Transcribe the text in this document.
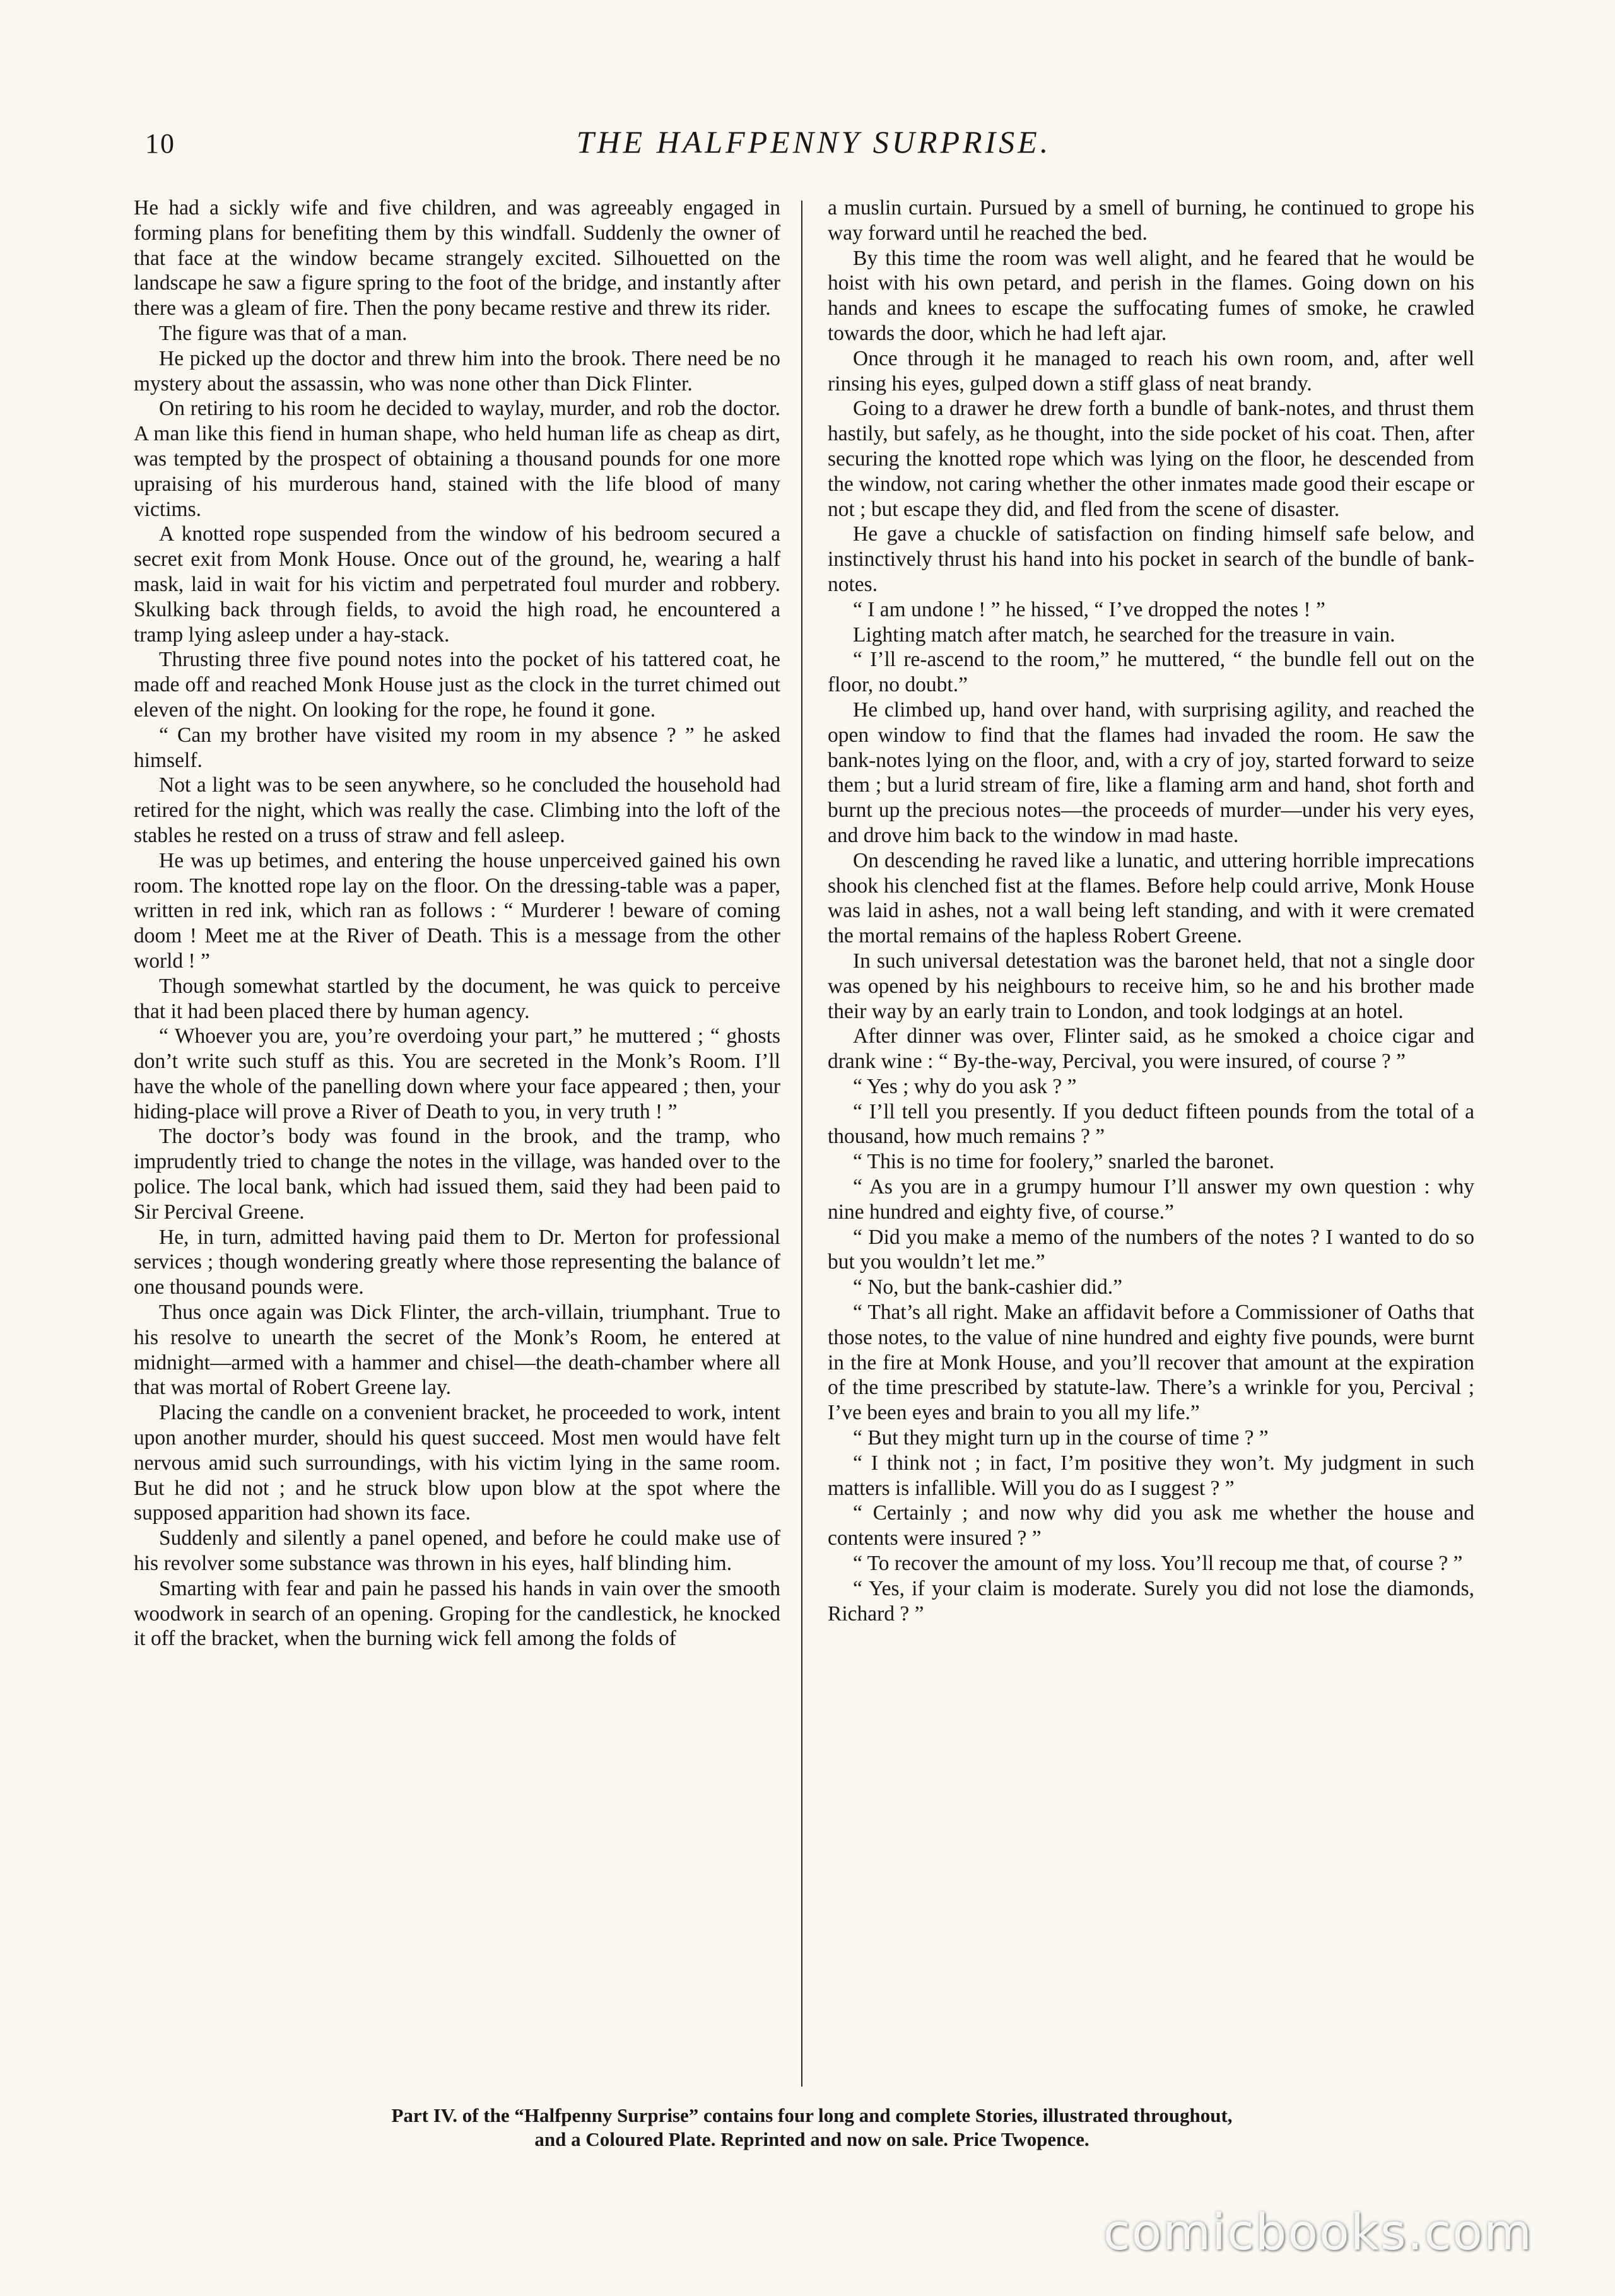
10	THE HALFPENNY SURPRISE.

He had a sickly wife and five children, and was agreeably engaged in forming plans for benefiting them by this windfall. Suddenly the owner of that face at the window became strangely excited. Silhouetted on the landscape he saw a figure spring to the foot of the bridge, and instantly after there was a gleam of fire. Then the pony became restive and threw its rider.

The figure was that of a man.

He picked up the doctor and threw him into the brook. There need be no mystery about the assassin, who was none other than Dick Flinter.

On retiring to his room he decided to waylay, murder, and rob the doctor. A man like this fiend in human shape, who held human life as cheap as dirt, was tempted by the prospect of obtaining a thousand pounds for one more upraising of his murderous hand, stained with the life blood of many victims.

A knotted rope suspended from the window of his bedroom secured a secret exit from Monk House. Once out of the ground, he, wearing a half mask, laid in wait for his victim and perpetrated foul murder and robbery. Skulking back through fields, to avoid the high road, he encountered a tramp lying asleep under a hay-stack.

Thrusting three five pound notes into the pocket of his tattered coat, he made off and reached Monk House just as the clock in the turret chimed out eleven of the night. On looking for the rope, he found it gone.

“ Can my brother have visited my room in my absence ? ” he asked himself.

Not a light was to be seen anywhere, so he concluded the household had retired for the night, which was really the case. Climbing into the loft of the stables he rested on a truss of straw and fell asleep.

He was up betimes, and entering the house unperceived gained his own room. The knotted rope lay on the floor. On the dressing-table was a paper, written in red ink, which ran as follows : “ Murderer ! beware of coming doom ! Meet me at the River of Death. This is a message from the other world ! ”

Though somewhat startled by the document, he was quick to perceive that it had been placed there by human agency.

“ Whoever you are, you’re overdoing your part,” he muttered ; “ ghosts don’t write such stuff as this. You are secreted in the Monk’s Room. I’ll have the whole of the panelling down where your face appeared ; then, your hiding-place will prove a River of Death to you, in very truth ! ”

The doctor’s body was found in the brook, and the tramp, who imprudently tried to change the notes in the village, was handed over to the police. The local bank, which had issued them, said they had been paid to Sir Percival Greene.

He, in turn, admitted having paid them to Dr. Merton for professional services ; though wondering greatly where those representing the balance of one thousand pounds were.

Thus once again was Dick Flinter, the arch-villain, triumphant. True to his resolve to unearth the secret of the Monk’s Room, he entered at midnight—armed with a hammer and chisel—the death-chamber where all that was mortal of Robert Greene lay.

Placing the candle on a convenient bracket, he proceeded to work, intent upon another murder, should his quest succeed. Most men would have felt nervous amid such surroundings, with his victim lying in the same room. But he did not ; and he struck blow upon blow at the spot where the supposed apparition had shown its face.

Suddenly and silently a panel opened, and before he could make use of his revolver some substance was thrown in his eyes, half blinding him.

Smarting with fear and pain he passed his hands in vain over the smooth woodwork in search of an opening. Groping for the candlestick, he knocked it off the bracket, when the burning wick fell among the folds of

a muslin curtain. Pursued by a smell of burning, he continued to grope his way forward until he reached the bed.

By this time the room was well alight, and he feared that he would be hoist with his own petard, and perish in the flames. Going down on his hands and knees to escape the suffocating fumes of smoke, he crawled towards the door, which he had left ajar.

Once through it he managed to reach his own room, and, after well rinsing his eyes, gulped down a stiff glass of neat brandy.

Going to a drawer he drew forth a bundle of bank-notes, and thrust them hastily, but safely, as he thought, into the side pocket of his coat. Then, after securing the knotted rope which was lying on the floor, he descended from the window, not caring whether the other inmates made good their escape or not ; but escape they did, and fled from the scene of disaster.

He gave a chuckle of satisfaction on finding himself safe below, and instinctively thrust his hand into his pocket in search of the bundle of bank-notes.

“ I am undone ! ” he hissed, “ I’ve dropped the notes ! ”

Lighting match after match, he searched for the treasure in vain.

“ I’ll re-ascend to the room,” he muttered, “ the bundle fell out on the floor, no doubt.”

He climbed up, hand over hand, with surprising agility, and reached the open window to find that the flames had invaded the room. He saw the bank-notes lying on the floor, and, with a cry of joy, started forward to seize them ; but a lurid stream of fire, like a flaming arm and hand, shot forth and burnt up the precious notes—the proceeds of murder—under his very eyes, and drove him back to the window in mad haste.

On descending he raved like a lunatic, and uttering horrible imprecations shook his clenched fist at the flames. Before help could arrive, Monk House was laid in ashes, not a wall being left standing, and with it were cremated the mortal remains of the hapless Robert Greene.

In such universal detestation was the baronet held, that not a single door was opened by his neighbours to receive him, so he and his brother made their way by an early train to London, and took lodgings at an hotel.

After dinner was over, Flinter said, as he smoked a choice cigar and drank wine : “ By-the-way, Percival, you were insured, of course ? ”

“ Yes ; why do you ask ? ”

“ I’ll tell you presently. If you deduct fifteen pounds from the total of a thousand, how much remains ? ”

“ This is no time for foolery,” snarled the baronet.

“ As you are in a grumpy humour I’ll answer my own question : why nine hundred and eighty five, of course.”

“ Did you make a memo of the numbers of the notes ? I wanted to do so but you wouldn’t let me.”

“ No, but the bank-cashier did.”

“ That’s all right. Make an affidavit before a Commissioner of Oaths that those notes, to the value of nine hundred and eighty five pounds, were burnt in the fire at Monk House, and you’ll recover that amount at the expiration of the time prescribed by statute-law. There’s a wrinkle for you, Percival ; I’ve been eyes and brain to you all my life.”

“ But they might turn up in the course of time ? ”

“ I think not ; in fact, I’m positive they won’t. My judgment in such matters is infallible. Will you do as I suggest ? ”

“ Certainly ; and now why did you ask me whether the house and contents were insured ? ”

“ To recover the amount of my loss. You’ll recoup me that, of course ? ”

“ Yes, if your claim is moderate. Surely you did not lose the diamonds, Richard ? ”

Part IV. of the “Halfpenny Surprise” contains four long and complete Stories, illustrated throughout,
and a Coloured Plate. Reprinted and now on sale. Price Twopence.
comicbooks.com
